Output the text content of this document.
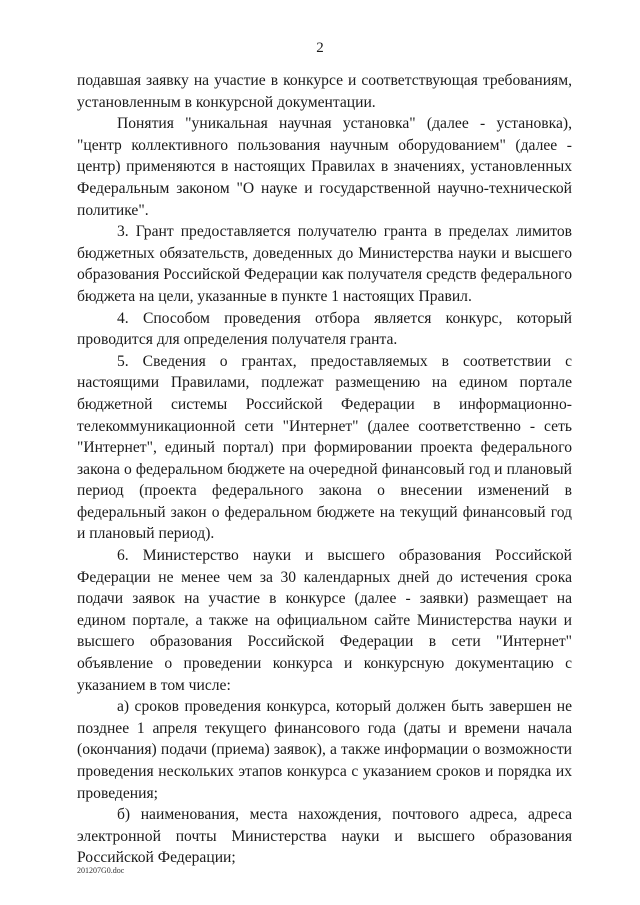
2

подавшая заявку на участие в конкурсе и соответствующая требованиям, установленным в конкурсной документации.

Понятия "уникальная научная установка" (далее - установка), "центр коллективного пользования научным оборудованием" (далее - центр) применяются в настоящих Правилах в значениях, установленных Федеральным законом "О науке и государственной научно-технической политике".

3. Грант предоставляется получателю гранта в пределах лимитов бюджетных обязательств, доведенных до Министерства науки и высшего образования Российской Федерации как получателя средств федерального бюджета на цели, указанные в пункте 1 настоящих Правил.

4. Способом проведения отбора является конкурс, который проводится для определения получателя гранта.

5. Сведения о грантах, предоставляемых в соответствии с настоящими Правилами, подлежат размещению на едином портале бюджетной системы Российской Федерации в информационно-телекоммуникационной сети "Интернет" (далее соответственно - сеть "Интернет", единый портал) при формировании проекта федерального закона о федеральном бюджете на очередной финансовый год и плановый период (проекта федерального закона о внесении изменений в федеральный закон о федеральном бюджете на текущий финансовый год и плановый период).

6. Министерство науки и высшего образования Российской Федерации не менее чем за 30 календарных дней до истечения срока подачи заявок на участие в конкурсе (далее - заявки) размещает на едином портале, а также на официальном сайте Министерства науки и высшего образования Российской Федерации в сети "Интернет" объявление о проведении конкурса и конкурсную документацию с указанием в том числе:

а) сроков проведения конкурса, который должен быть завершен не позднее 1 апреля текущего финансового года (даты и времени начала (окончания) подачи (приема) заявок), а также информации о возможности проведения нескольких этапов конкурса с указанием сроков и порядка их проведения;

б) наименования, места нахождения, почтового адреса, адреса электронной почты Министерства науки и высшего образования Российской Федерации;

201207G0.doc
